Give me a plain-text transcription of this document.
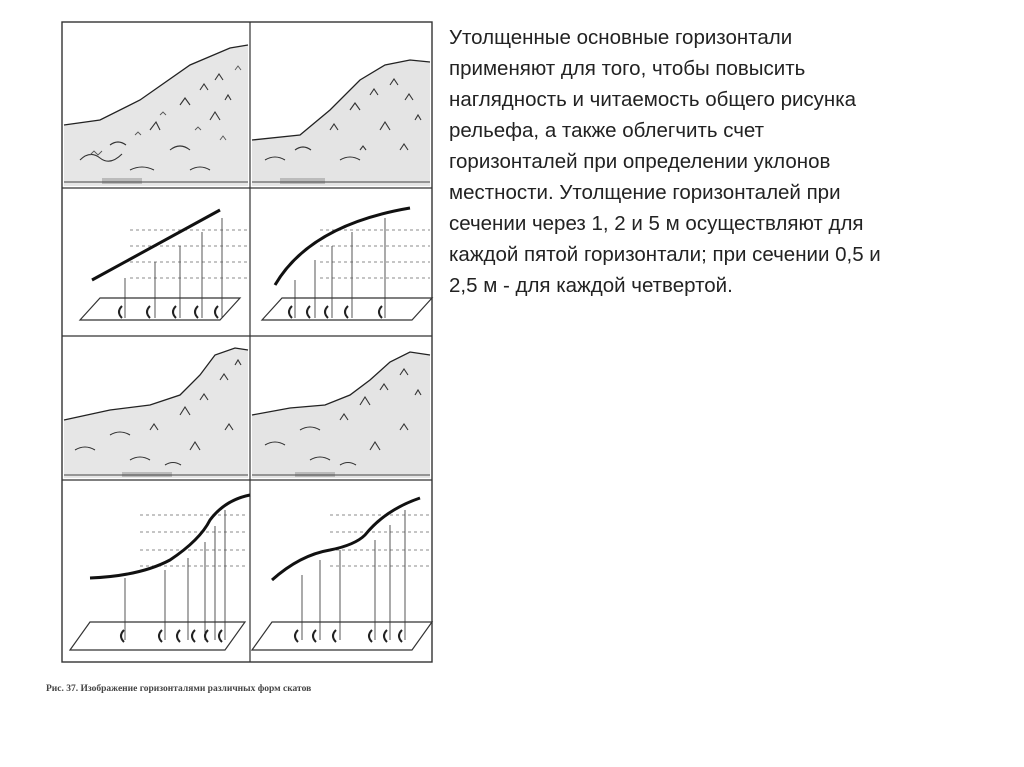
Рис. 37. Изображение горизонталями различных форм скатов

Утолщенные основные горизонтали
применяют для того, чтобы повысить
наглядность и читаемость общего рисунка
рельефа, а также облегчить счет
горизонталей при определении уклонов
местности. Утолщение горизонталей при
сечении через 1, 2 и 5 м осуществляют для
каждой пятой горизонтали; при сечении 0,5 и
2,5 м - для каждой четвертой.
